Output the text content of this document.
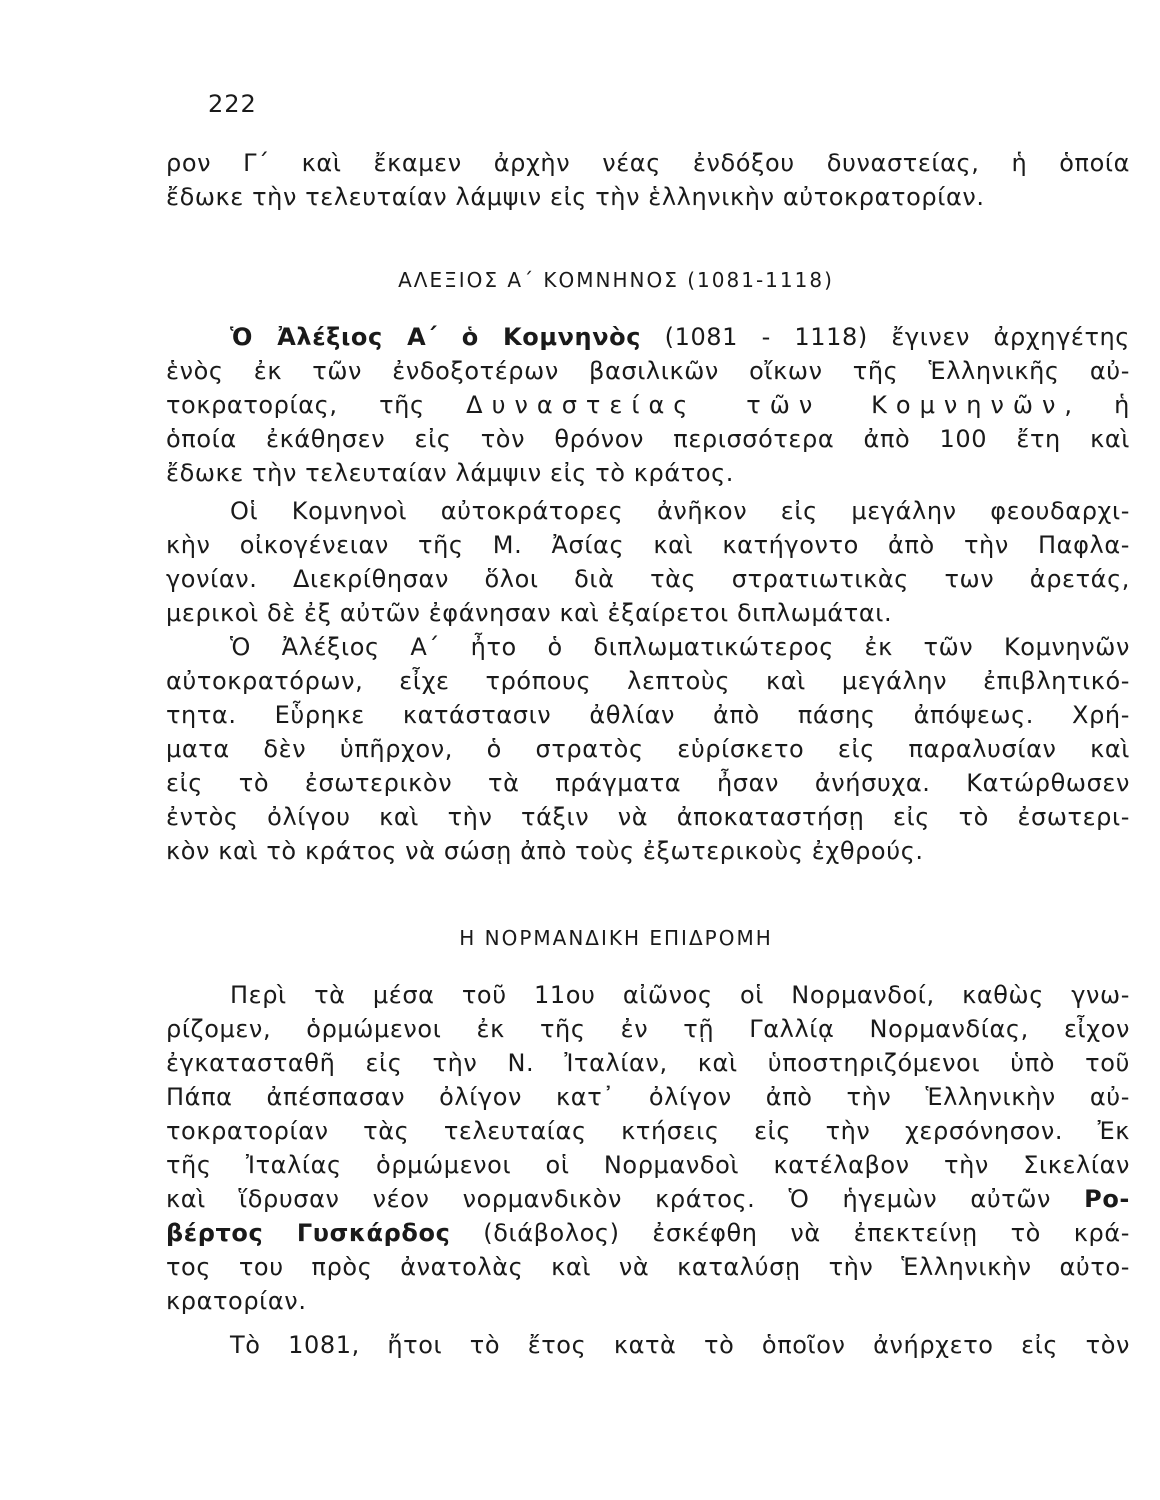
222
ρον Γ΄ καὶ ἔκαμεν ἀρχὴν νέας ἐνδόξου δυναστείας, ἡ ὁποία
ἔδωκε τὴν τελευταίαν λάμψιν εἰς τὴν ἑλληνικὴν αὐτοκρατορίαν.
ΑΛΕΞΙΟΣ Α΄ ΚΟΜΝΗΝΟΣ (1081-1118)
Ὁ Ἀλέξιος Α΄ ὁ Κομνηνὸς (1081 - 1118) ἔγινεν ἀρχηγέτης
ἑνὸς ἐκ τῶν ἐνδοξοτέρων βασιλικῶν οἴκων τῆς Ἑλληνικῆς αὐ-
τοκρατορίας, τῆς Δυναστείας τῶν Κομνηνῶν, ἡ
ὁποία ἐκάθησεν εἰς τὸν θρόνον περισσότερα ἀπὸ 100 ἔτη καὶ
ἔδωκε τὴν τελευταίαν λάμψιν εἰς τὸ κράτος.
Οἱ Κομνηνοὶ αὐτοκράτορες ἀνῆκον εἰς μεγάλην φεουδαρχι-
κὴν οἰκογένειαν τῆς Μ. Ἀσίας καὶ κατήγοντο ἀπὸ τὴν Παφλα-
γονίαν. Διεκρίθησαν ὅλοι διὰ τὰς στρατιωτικὰς των ἀρετάς,
μερικοὶ δὲ ἐξ αὐτῶν ἐφάνησαν καὶ ἐξαίρετοι διπλωμάται.
Ὁ Ἀλέξιος Α΄ ἦτο ὁ διπλωματικώτερος ἐκ τῶν Κομνηνῶν
αὐτοκρατόρων, εἶχε τρόπους λεπτοὺς καὶ μεγάλην ἐπιβλητικό-
τητα. Εὗρηκε κατάστασιν ἀθλίαν ἀπὸ πάσης ἀπόψεως. Χρή-
ματα δὲν ὑπῆρχον, ὁ στρατὸς εὑρίσκετο εἰς παραλυσίαν καὶ
εἰς τὸ ἐσωτερικὸν τὰ πράγματα ἦσαν ἀνήσυχα. Κατώρθωσεν
ἐντὸς ὀλίγου καὶ τὴν τάξιν νὰ ἀποκαταστήσῃ εἰς τὸ ἐσωτερι-
κὸν καὶ τὸ κράτος νὰ σώσῃ ἀπὸ τοὺς ἐξωτερικοὺς ἐχθρούς.
Η ΝΟΡΜΑΝΔΙΚΗ ΕΠΙΔΡΟΜΗ
Περὶ τὰ μέσα τοῦ 11ου αἰῶνος οἱ Νορμανδοί, καθὼς γνω-
ρίζομεν, ὁρμώμενοι ἐκ τῆς ἐν τῇ Γαλλίᾳ Νορμανδίας, εἶχον
ἐγκατασταθῆ εἰς τὴν Ν. Ἰταλίαν, καὶ ὑποστηριζόμενοι ὑπὸ τοῦ
Πάπα ἀπέσπασαν ὀλίγον κατ᾽ ὀλίγον ἀπὸ τὴν Ἑλληνικὴν αὐ-
τοκρατορίαν τὰς τελευταίας κτήσεις εἰς τὴν χερσόνησον. Ἐκ
τῆς Ἰταλίας ὁρμώμενοι οἱ Νορμανδοὶ κατέλαβον τὴν Σικελίαν
καὶ ἵδρυσαν νέον νορμανδικὸν κράτος. Ὁ ἡγεμὼν αὐτῶν Ρο-
βέρτος Γυσκάρδος (διάβολος) ἐσκέφθη νὰ ἐπεκτείνῃ τὸ κρά-
τος του πρὸς ἀνατολὰς καὶ νὰ καταλύσῃ τὴν Ἑλληνικὴν αὐτο-
κρατορίαν.
Τὸ 1081, ἤτοι τὸ ἔτος κατὰ τὸ ὁποῖον ἀνήρχετο εἰς τὸν
